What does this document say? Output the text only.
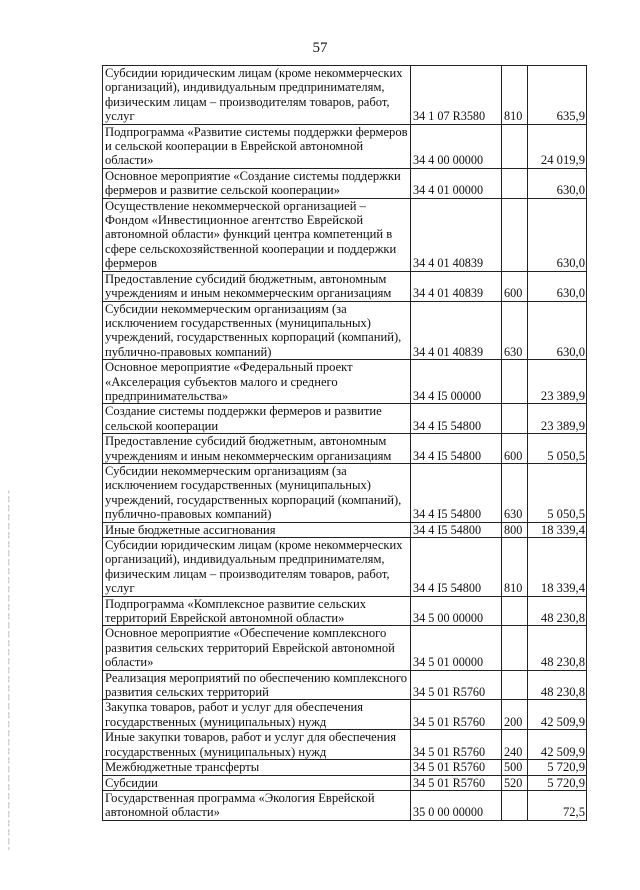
57
¦
¦
¦
¦
¦
¦
¦
¦
¦
¦
¦
¦
¦
¦
¦
¦
¦
¦
¦
¦
¦
¦
¦
¦
¦
¦
¦
¦
¦
¦
¦
¦
¦
¦
¦
¦
¦
¦
¦
¦
Субсидии юридическим лицам (кроме некоммерческих организаций), индивидуальным предпринимателям, физическим лицам – производителям товаров, работ, услуг	34 1 07 R3580	810	635,9
Подпрограмма «Развитие системы поддержки фермеров и сельской кооперации в Еврейской автономной области»	34 4 00 00000		24 019,9
Основное мероприятие «Создание системы поддержки фермеров и развитие сельской кооперации»	34 4 01 00000		630,0
Осуществление некоммерческой организацией – Фондом «Инвестиционное агентство Еврейской автономной области» функций центра компетенций в сфере сельскохозяйственной кооперации и поддержки фермеров	34 4 01 40839		630,0
Предоставление субсидий бюджетным, автономным учреждениям и иным некоммерческим организациям	34 4 01 40839	600	630,0
Субсидии некоммерческим организациям (за исключением государственных (муниципальных) учреждений, государственных корпораций (компаний), публично-правовых компаний)	34 4 01 40839	630	630,0
Основное мероприятие «Федеральный проект «Акселерация субъектов малого и среднего предпринимательства»	34 4 I5 00000		23 389,9
Создание системы поддержки фермеров и развитие сельской кооперации	34 4 I5 54800		23 389,9
Предоставление субсидий бюджетным, автономным учреждениям и иным некоммерческим организациям	34 4 I5 54800	600	5 050,5
Субсидии некоммерческим организациям (за исключением государственных (муниципальных) учреждений, государственных корпораций (компаний), публично-правовых компаний)	34 4 I5 54800	630	5 050,5
Иные бюджетные ассигнования	34 4 I5 54800	800	18 339,4
Субсидии юридическим лицам (кроме некоммерческих организаций), индивидуальным предпринимателям, физическим лицам – производителям товаров, работ, услуг	34 4 I5 54800	810	18 339,4
Подпрограмма «Комплексное развитие сельских территорий Еврейской автономной области»	34 5 00 00000		48 230,8
Основное мероприятие «Обеспечение комплексного развития сельских территорий Еврейской автономной области»	34 5 01 00000		48 230,8
Реализация мероприятий по обеспечению комплексного развития сельских территорий	34 5 01 R5760		48 230,8
Закупка товаров, работ и услуг для обеспечения государственных (муниципальных) нужд	34 5 01 R5760	200	42 509,9
Иные закупки товаров, работ и услуг для обеспечения государственных (муниципальных) нужд	34 5 01 R5760	240	42 509,9
Межбюджетные трансферты	34 5 01 R5760	500	5 720,9
Субсидии	34 5 01 R5760	520	5 720,9
Государственная программа «Экология Еврейской автономной области»	35 0 00 00000		72,5
